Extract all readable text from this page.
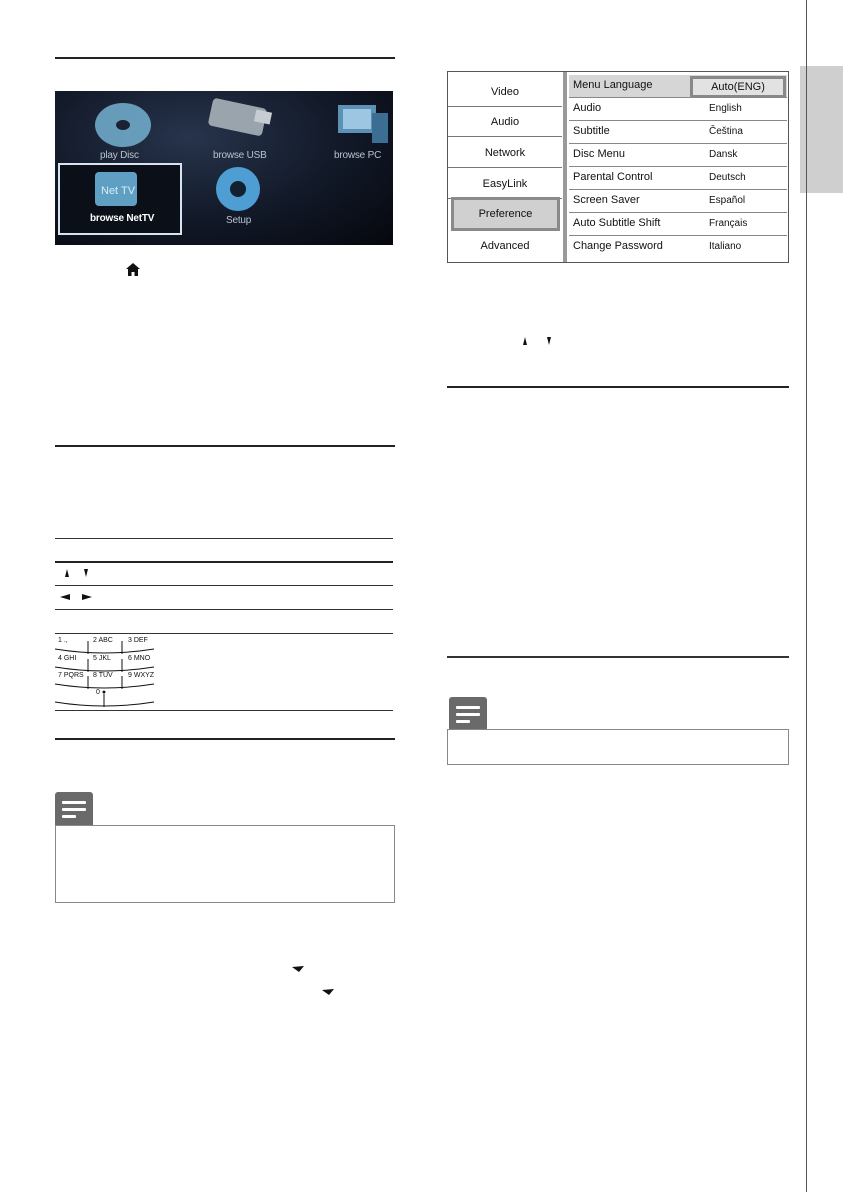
Net TV
play Disc	browse USB	browse PC
browse NetTV	Setup
1 .,	2 ABC 3 DEF
4 GHI 5 JKL 6 MNO
7 PQRS 8 TUV 9 WXYZ
0 ●
Video
Audio
Network
EasyLink
Preference
Advanced
Menu Language	Auto(ENG)
Audio	English
Subtitle	Čeština
Disc Menu	Dansk
Parental Control	Deutsch
Screen Saver	Español
Auto Subtitle Shift	Français
Change Password	Italiano
